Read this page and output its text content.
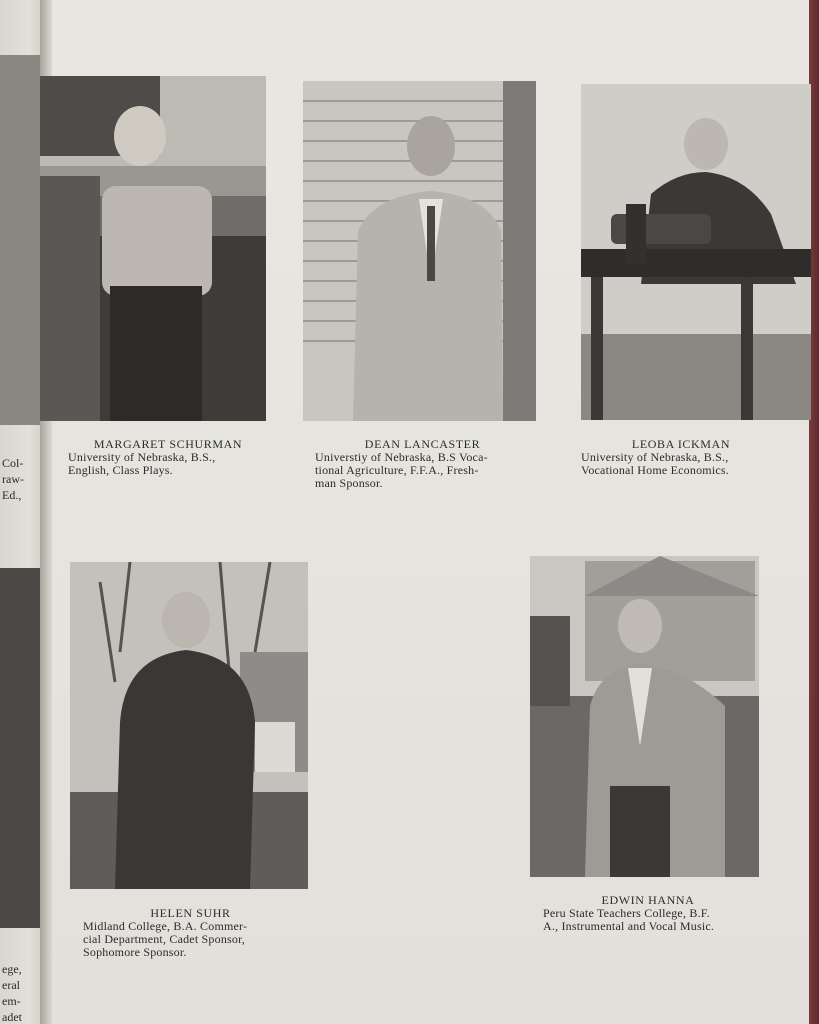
Col-
raw-
Ed.,
ege,
eral
em-
adet
MARGARET SCHURMAN
University of Nebraska, B.S.,
English, Class Plays.
DEAN LANCASTER
Universtiy of Nebraska, B.S Voca-
tional Agriculture, F.F.A., Fresh-
man Sponsor.
LEOBA ICKMAN
University of Nebraska, B.S.,
Vocational Home Economics.
HELEN SUHR
Midland College, B.A. Commer-
cial Department, Cadet Sponsor,
Sophomore Sponsor.
EDWIN HANNA
Peru State Teachers College, B.F.
A., Instrumental and Vocal Music.
